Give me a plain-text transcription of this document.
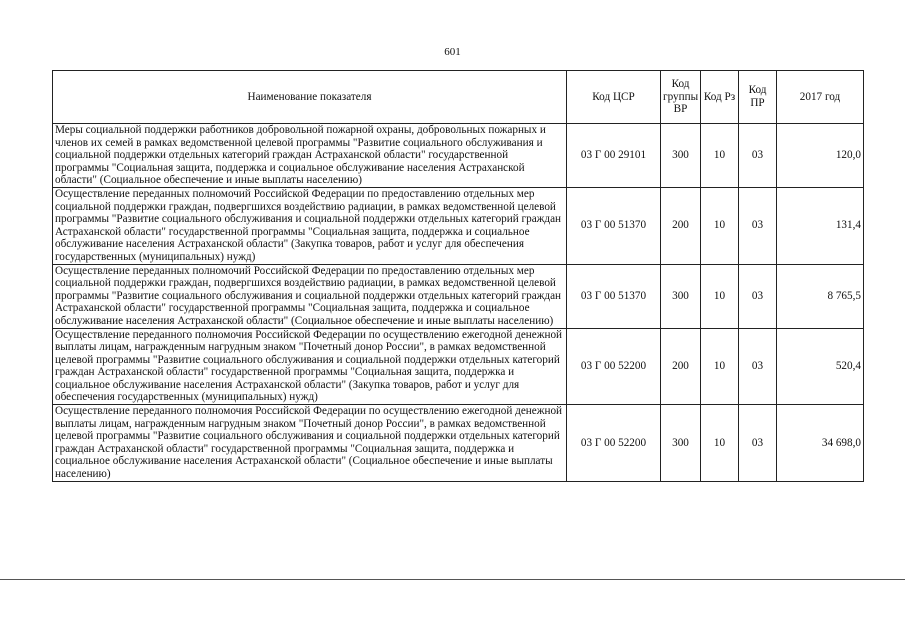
601
Наименование показателя	Код ЦСР	Код группы ВР	Код Рз	Код ПР	2017 год
Меры социальной поддержки работников добровольной пожарной охраны, добровольных пожарных и членов их семей в рамках ведомственной целевой программы "Развитие социального обслуживания и социальной поддержки отдельных категорий граждан Астраханской области" государственной программы "Социальная защита, поддержка и социальное обслуживание населения Астраханской области" (Социальное обеспечение и иные выплаты населению)	03 Г 00 29101	300	10	03	120,0
Осуществление переданных полномочий Российской Федерации по предоставлению отдельных мер социальной поддержки граждан, подвергшихся воздействию радиации, в рамках ведомственной целевой программы "Развитие социального обслуживания и социальной поддержки отдельных категорий граждан Астраханской области" государственной программы "Социальная защита, поддержка и социальное обслуживание населения Астраханской области" (Закупка товаров, работ и услуг для обеспечения государственных (муниципальных) нужд)	03 Г 00 51370	200	10	03	131,4
Осуществление переданных полномочий Российской Федерации по предоставлению отдельных мер социальной поддержки граждан, подвергшихся воздействию радиации, в рамках ведомственной целевой программы "Развитие социального обслуживания и социальной поддержки отдельных категорий граждан Астраханской области" государственной программы "Социальная защита, поддержка и социальное обслуживание населения Астраханской области" (Социальное обеспечение и иные выплаты населению)	03 Г 00 51370	300	10	03	8 765,5
Осуществление переданного полномочия Российской Федерации по осуществлению ежегодной денежной выплаты лицам, награжденным нагрудным знаком "Почетный донор России", в рамках ведомственной целевой программы "Развитие социального обслуживания и социальной поддержки отдельных категорий граждан Астраханской области" государственной программы "Социальная защита, поддержка и социальное обслуживание населения Астраханской области" (Закупка товаров, работ и услуг для обеспечения государственных (муниципальных) нужд)	03 Г 00 52200	200	10	03	520,4
Осуществление переданного полномочия Российской Федерации по осуществлению ежегодной денежной выплаты лицам, награжденным нагрудным знаком "Почетный донор России", в рамках ведомственной целевой программы "Развитие социального обслуживания и социальной поддержки отдельных категорий граждан Астраханской области" государственной программы "Социальная защита, поддержка и социальное обслуживание населения Астраханской области" (Социальное обеспечение и иные выплаты населению)	03 Г 00 52200	300	10	03	34 698,0
